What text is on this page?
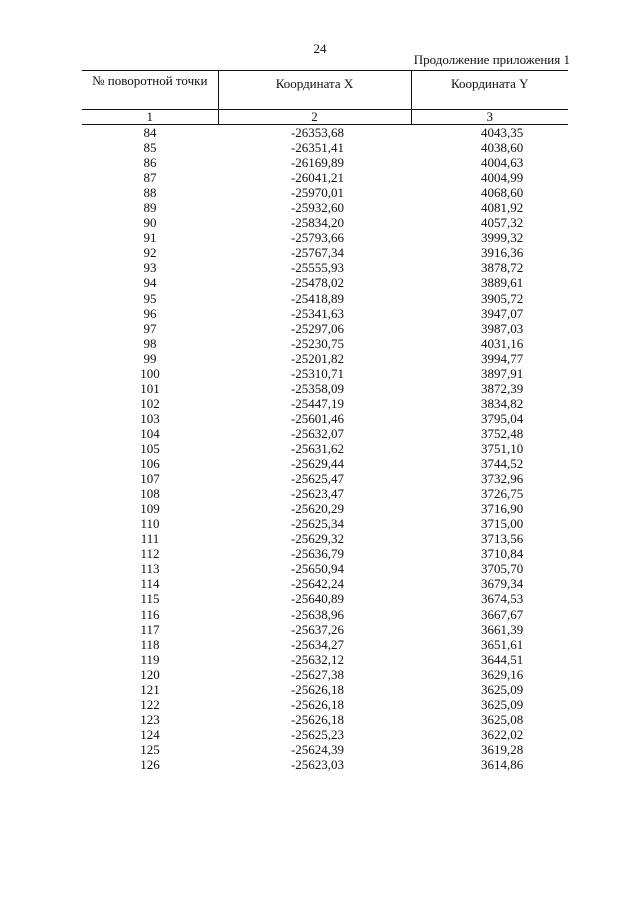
24
Продолжение приложения 1
№ поворотной точки	Координата X	Координата Y
1	2	3
84	-26353,68	4043,35
85	-26351,41	4038,60
86	-26169,89	4004,63
87	-26041,21	4004,99
88	-25970,01	4068,60
89	-25932,60	4081,92
90	-25834,20	4057,32
91	-25793,66	3999,32
92	-25767,34	3916,36
93	-25555,93	3878,72
94	-25478,02	3889,61
95	-25418,89	3905,72
96	-25341,63	3947,07
97	-25297,06	3987,03
98	-25230,75	4031,16
99	-25201,82	3994,77
100	-25310,71	3897,91
101	-25358,09	3872,39
102	-25447,19	3834,82
103	-25601,46	3795,04
104	-25632,07	3752,48
105	-25631,62	3751,10
106	-25629,44	3744,52
107	-25625,47	3732,96
108	-25623,47	3726,75
109	-25620,29	3716,90
110	-25625,34	3715,00
111	-25629,32	3713,56
112	-25636,79	3710,84
113	-25650,94	3705,70
114	-25642,24	3679,34
115	-25640,89	3674,53
116	-25638,96	3667,67
117	-25637,26	3661,39
118	-25634,27	3651,61
119	-25632,12	3644,51
120	-25627,38	3629,16
121	-25626,18	3625,09
122	-25626,18	3625,09
123	-25626,18	3625,08
124	-25625,23	3622,02
125	-25624,39	3619,28
126	-25623,03	3614,86
